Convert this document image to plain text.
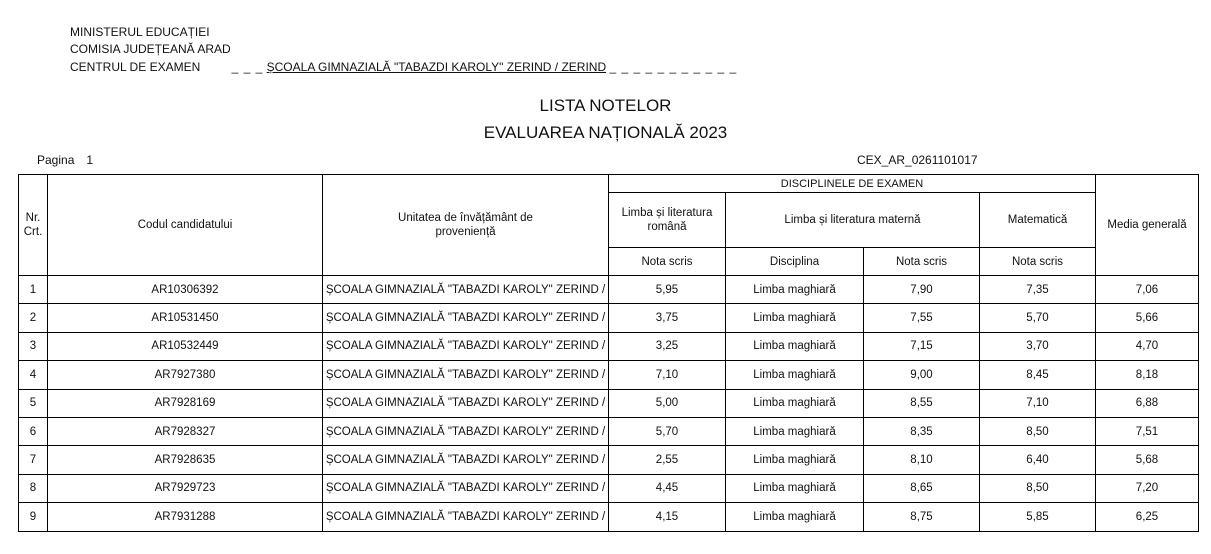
MINISTERUL EDUCAȚIEI
COMISIA JUDEȚEANĂ ARAD
CENTRUL DE EXAMEN	_ _ _ ȘCOALA GIMNAZIALĂ "TABAZDI KAROLY" ZERIND / ZERIND _ _ _ _ _ _ _ _ _ _ _
LISTA NOTELOR
EVALUAREA NAȚIONALĂ 2023
Pagina 1	CEX_AR_0261101017
Nr. Crt.	Codul candidatului	Unitatea de învățământ de proveniență	DISCIPLINELE DE EXAMEN				Media generală
			Limba și literatura română	Limba și literatura maternă		Matematică	
			Nota scris	Disciplina	Nota scris	Nota scris	
1	AR10306392	ȘCOALA GIMNAZIALĂ "TABAZDI KAROLY" ZERIND /	5,95	Limba maghiară	7,90	7,35	7,06
2	AR10531450	ȘCOALA GIMNAZIALĂ "TABAZDI KAROLY" ZERIND /	3,75	Limba maghiară	7,55	5,70	5,66
3	AR10532449	ȘCOALA GIMNAZIALĂ "TABAZDI KAROLY" ZERIND /	3,25	Limba maghiară	7,15	3,70	4,70
4	AR7927380	ȘCOALA GIMNAZIALĂ "TABAZDI KAROLY" ZERIND /	7,10	Limba maghiară	9,00	8,45	8,18
5	AR7928169	ȘCOALA GIMNAZIALĂ "TABAZDI KAROLY" ZERIND /	5,00	Limba maghiară	8,55	7,10	6,88
6	AR7928327	ȘCOALA GIMNAZIALĂ "TABAZDI KAROLY" ZERIND /	5,70	Limba maghiară	8,35	8,50	7,51
7	AR7928635	ȘCOALA GIMNAZIALĂ "TABAZDI KAROLY" ZERIND /	2,55	Limba maghiară	8,10	6,40	5,68
8	AR7929723	ȘCOALA GIMNAZIALĂ "TABAZDI KAROLY" ZERIND /	4,45	Limba maghiară	8,65	8,50	7,20
9	AR7931288	ȘCOALA GIMNAZIALĂ "TABAZDI KAROLY" ZERIND /	4,15	Limba maghiară	8,75	5,85	6,25
